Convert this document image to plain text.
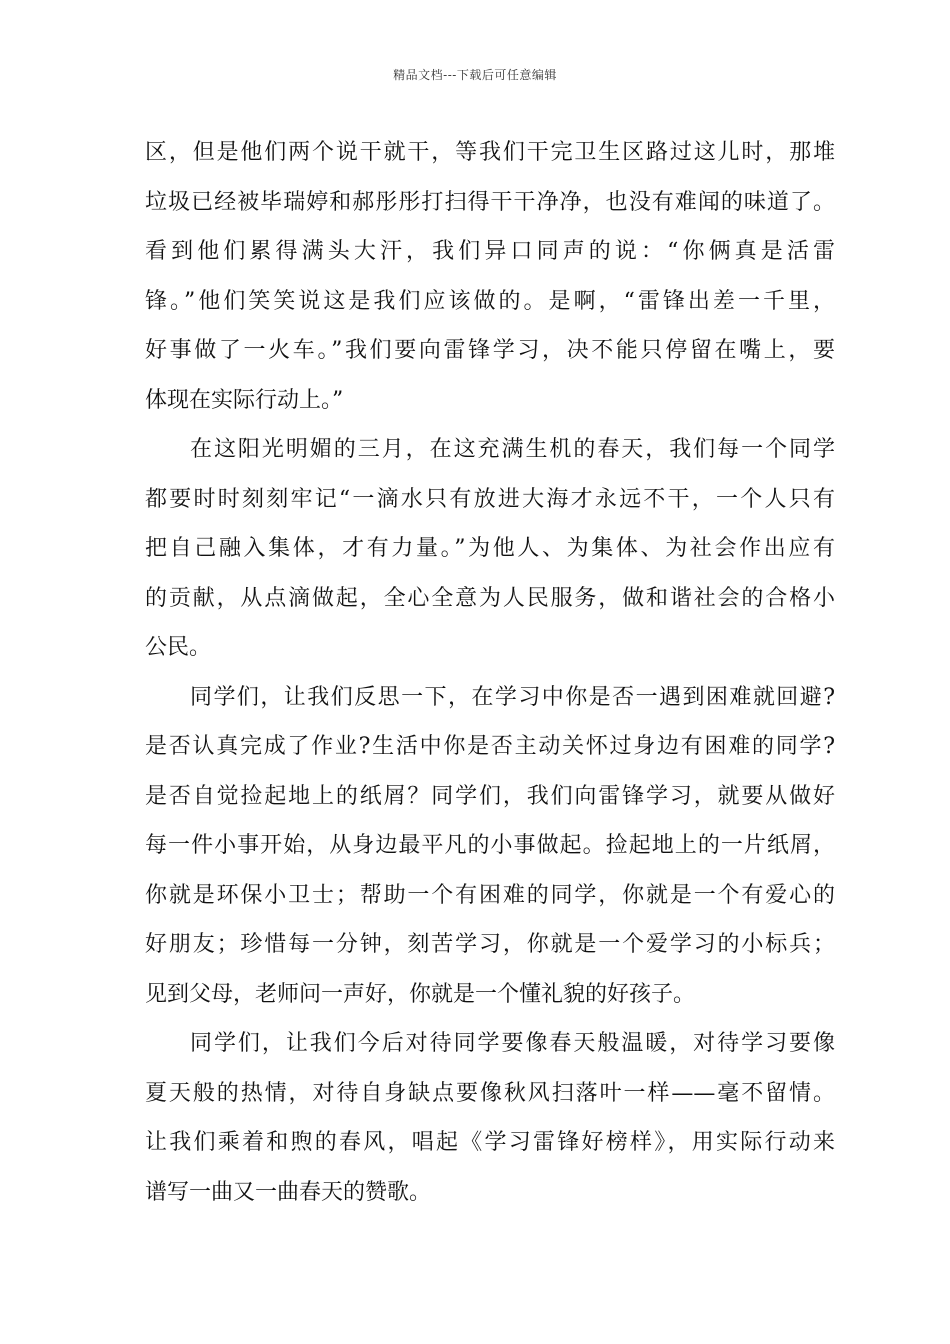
精品文档---下载后可任意编辑
区，但是他们两个说干就干，等我们干完卫生区路过这儿时，那堆
垃圾已经被毕瑞婷和郝彤彤打扫得干干净净，也没有难闻的味道了。
看到他们累得满头大汗，我们异口同声的说：“你俩真是活雷
锋。”他们笑笑说这是我们应该做的。是啊，“雷锋出差一千里，
好事做了一火车。”我们要向雷锋学习，决不能只停留在嘴上，要
体现在实际行动上。”
在这阳光明媚的三月，在这充满生机的春天，我们每一个同学
都要时时刻刻牢记“一滴水只有放进大海才永远不干，一个人只有
把自己融入集体，才有力量。”为他人、为集体、为社会作出应有
的贡献，从点滴做起，全心全意为人民服务，做和谐社会的合格小
公民。
同学们，让我们反思一下，在学习中你是否一遇到困难就回避?
是否认真完成了作业?生活中你是否主动关怀过身边有困难的同学?
是否自觉捡起地上的纸屑？同学们，我们向雷锋学习，就要从做好
每一件小事开始，从身边最平凡的小事做起。捡起地上的一片纸屑，
你就是环保小卫士；帮助一个有困难的同学，你就是一个有爱心的
好朋友；珍惜每一分钟，刻苦学习，你就是一个爱学习的小标兵；
见到父母，老师问一声好，你就是一个懂礼貌的好孩子。
同学们，让我们今后对待同学要像春天般温暖，对待学习要像
夏天般的热情，对待自身缺点要像秋风扫落叶一样——毫不留情。
让我们乘着和煦的春风，唱起《学习雷锋好榜样》，用实际行动来
谱写一曲又一曲春天的赞歌。
